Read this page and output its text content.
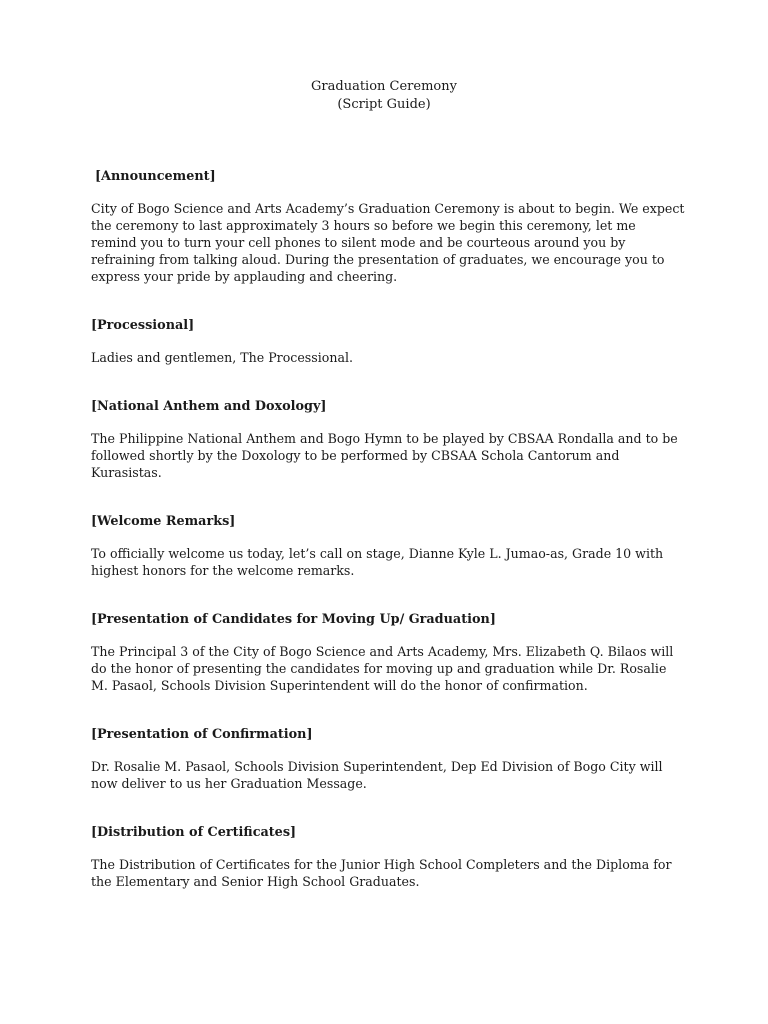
Graduation Ceremony
(Script Guide)
[Announcement]
City of Bogo Science and Arts Academy’s Graduation Ceremony is about to begin. We expect
the ceremony to last approximately 3 hours so before we begin this ceremony, let me
remind you to turn your cell phones to silent mode and be courteous around you by
refraining from talking aloud. During the presentation of graduates, we encourage you to
express your pride by applauding and cheering.
[Processional]
Ladies and gentlemen, The Processional.
[National Anthem and Doxology]
The Philippine National Anthem and Bogo Hymn to be played by CBSAA Rondalla and to be
followed shortly by the Doxology to be performed by CBSAA Schola Cantorum and
Kurasistas.
[Welcome Remarks]
To officially welcome us today, let’s call on stage, Dianne Kyle L. Jumao-as, Grade 10 with
highest honors for the welcome remarks.
[Presentation of Candidates for Moving Up/ Graduation]
The Principal 3 of the City of Bogo Science and Arts Academy, Mrs. Elizabeth Q. Bilaos will
do the honor of presenting the candidates for moving up and graduation while Dr. Rosalie
M. Pasaol, Schools Division Superintendent will do the honor of confirmation.
[Presentation of Confirmation]
Dr. Rosalie M. Pasaol, Schools Division Superintendent, Dep Ed Division of Bogo City will
now deliver to us her Graduation Message.
[Distribution of Certificates]
The Distribution of Certificates for the Junior High School Completers and the Diploma for
the Elementary and Senior High School Graduates.
